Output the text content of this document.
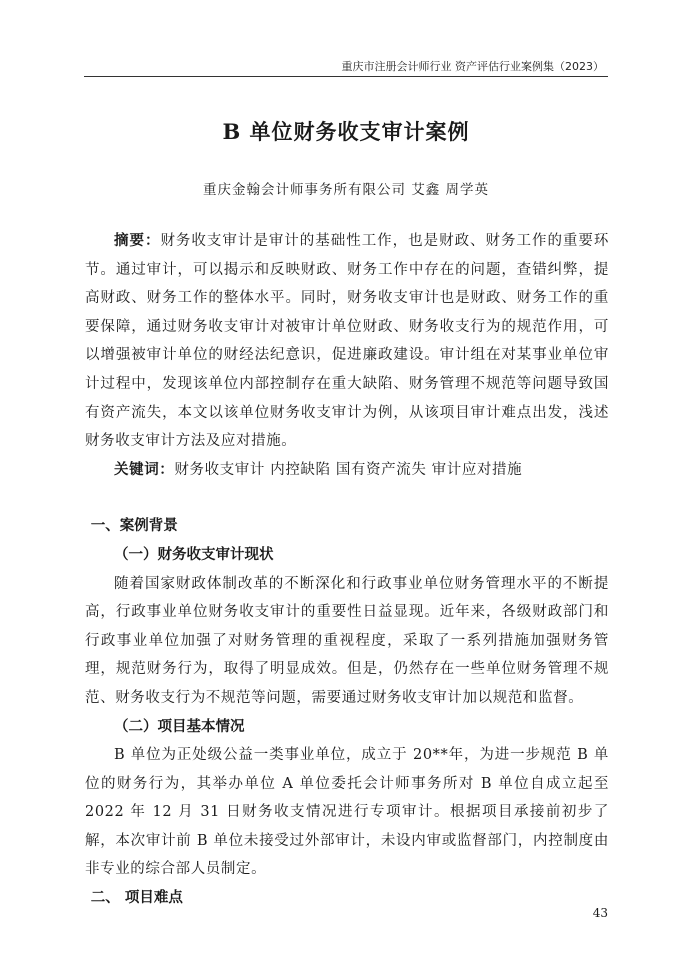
重庆市注册会计师行业 资产评估行业案例集（2023）
B 单位财务收支审计案例
重庆金翰会计师事务所有限公司 艾鑫 周学英

摘要：财务收支审计是审计的基础性工作，也是财政、财务工作的重要环节。通过审计，可以揭示和反映财政、财务工作中存在的问题，查错纠弊，提高财政、财务工作的整体水平。同时，财务收支审计也是财政、财务工作的重要保障，通过财务收支审计对被审计单位财政、财务收支行为的规范作用，可以增强被审计单位的财经法纪意识，促进廉政建设。审计组在对某事业单位审计过程中，发现该单位内部控制存在重大缺陷、财务管理不规范等问题导致国有资产流失，本文以该单位财务收支审计为例，从该项目审计难点出发，浅述财务收支审计方法及应对措施。

关键词：财务收支审计 内控缺陷 国有资产流失 审计应对措施

一、案例背景
（一）财务收支审计现状

随着国家财政体制改革的不断深化和行政事业单位财务管理水平的不断提高，行政事业单位财务收支审计的重要性日益显现。近年来，各级财政部门和行政事业单位加强了对财务管理的重视程度，采取了一系列措施加强财务管理，规范财务行为，取得了明显成效。但是，仍然存在一些单位财务管理不规范、财务收支行为不规范等问题，需要通过财务收支审计加以规范和监督。

（二）项目基本情况

B 单位为正处级公益一类事业单位，成立于 20**年，为进一步规范 B 单位的财务行为，其举办单位 A 单位委托会计师事务所对 B 单位自成立起至 2022 年 12 月 31 日财务收支情况进行专项审计。根据项目承接前初步了解，本次审计前 B 单位未接受过外部审计，未设内审或监督部门，内控制度由非专业的综合部人员制定。

二、 项目难点
43
